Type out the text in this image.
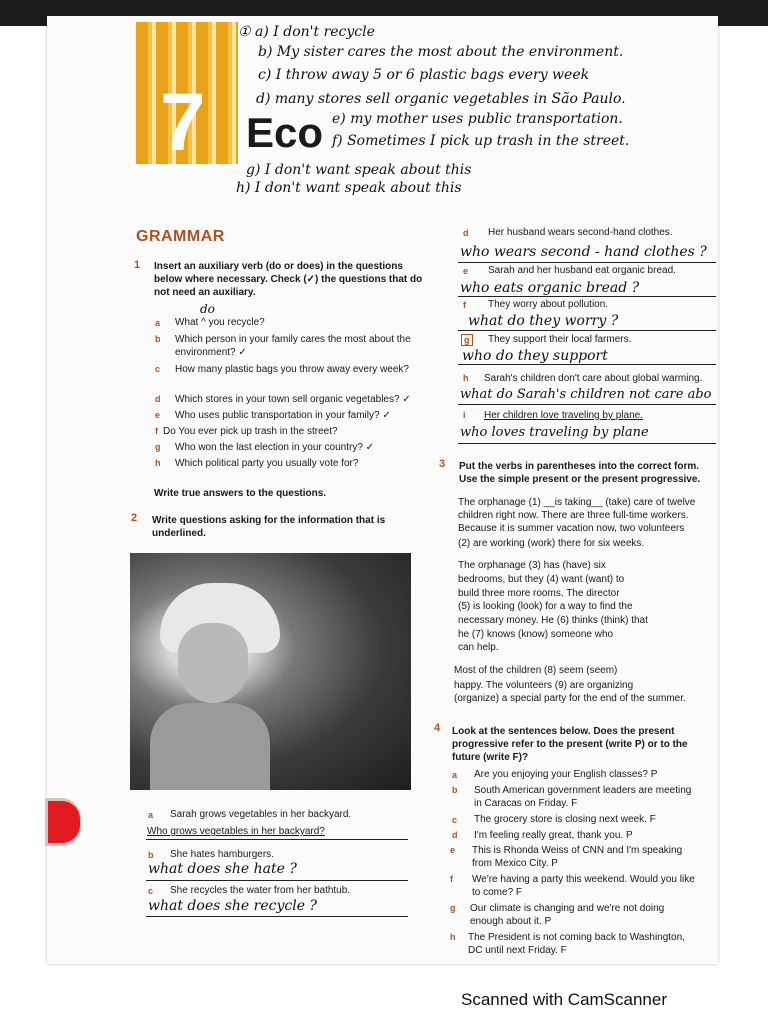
7 Eco
① a) I don't recycle
b) My sister cares the most about the environment.
c) I throw away 5 or 6 plastic bags every week
d) many stores sell organic vegetables in São Paulo.
e) my mother uses public transportation.
f) Sometimes I pick up trash in the street.
g) I don't want speak about this
h) I don't want speak about this
GRAMMAR
1 Insert an auxiliary verb (do or does) in the questions below where necessary. Check (✓) the questions that do not need an auxiliary.
do
a What ^ you recycle?
b Which person in your family cares the most about the environment? ✓
c How many plastic bags you throw away every week?
d Which stores in your town sell organic vegetables? ✓
e Who uses public transportation in your family? ✓
f Do You ever pick up trash in the street?
g Who won the last election in your country? ✓
h Which political party you usually vote for?
Write true answers to the questions.
2 Write questions asking for the information that is underlined.
a Sarah grows vegetables in her backyard.
Who grows vegetables in her backyard?
b She hates hamburgers.
what does she hate ?
c She recycles the water from her bathtub.
what does she recycle ?
d Her husband wears second-hand clothes.
who wears second - hand clothes ?
e Sarah and her husband eat organic bread.
who eats organic bread ?
f They worry about pollution.
what do they worry ?
g	They support their local farmers.
who do they support
h Sarah's children don't care about global warming.
what do Sarah's children not care abo
i Her children love traveling by plane.
who loves traveling by plane
3 Put the verbs in parentheses into the correct form. Use the simple present or the present progressive.
The orphanage (1) __is taking__ (take) care of twelve
children right now. There are three full-time workers.
Because it is summer vacation now, two volunteers
(2) are working (work) there for six weeks.
The orphanage (3) has (have) six
bedrooms, but they (4) want (want) to
build three more rooms. The director
(5) is looking (look) for a way to find the
necessary money. He (6) thinks (think) that
he (7) knows (know) someone who
can help.
Most of the children (8) seem (seem)
happy. The volunteers (9) are organizing
(organize) a special party for the end of the summer.
4 Look at the sentences below. Does the present progressive refer to the present (write P) or to the future (write F)?
a Are you enjoying your English classes? P
b South American government leaders are meeting
in Caracas on Friday. F
c The grocery store is closing next week. F
d I'm feeling really great, thank you. P
e This is Rhonda Weiss of CNN and I'm speaking
from Mexico City. P
f We're having a party this weekend. Would you like
to come? F
g Our climate is changing and we're not doing
enough about it. P
h The President is not coming back to Washington,
DC until next Friday. F
Scanned with CamScanner
